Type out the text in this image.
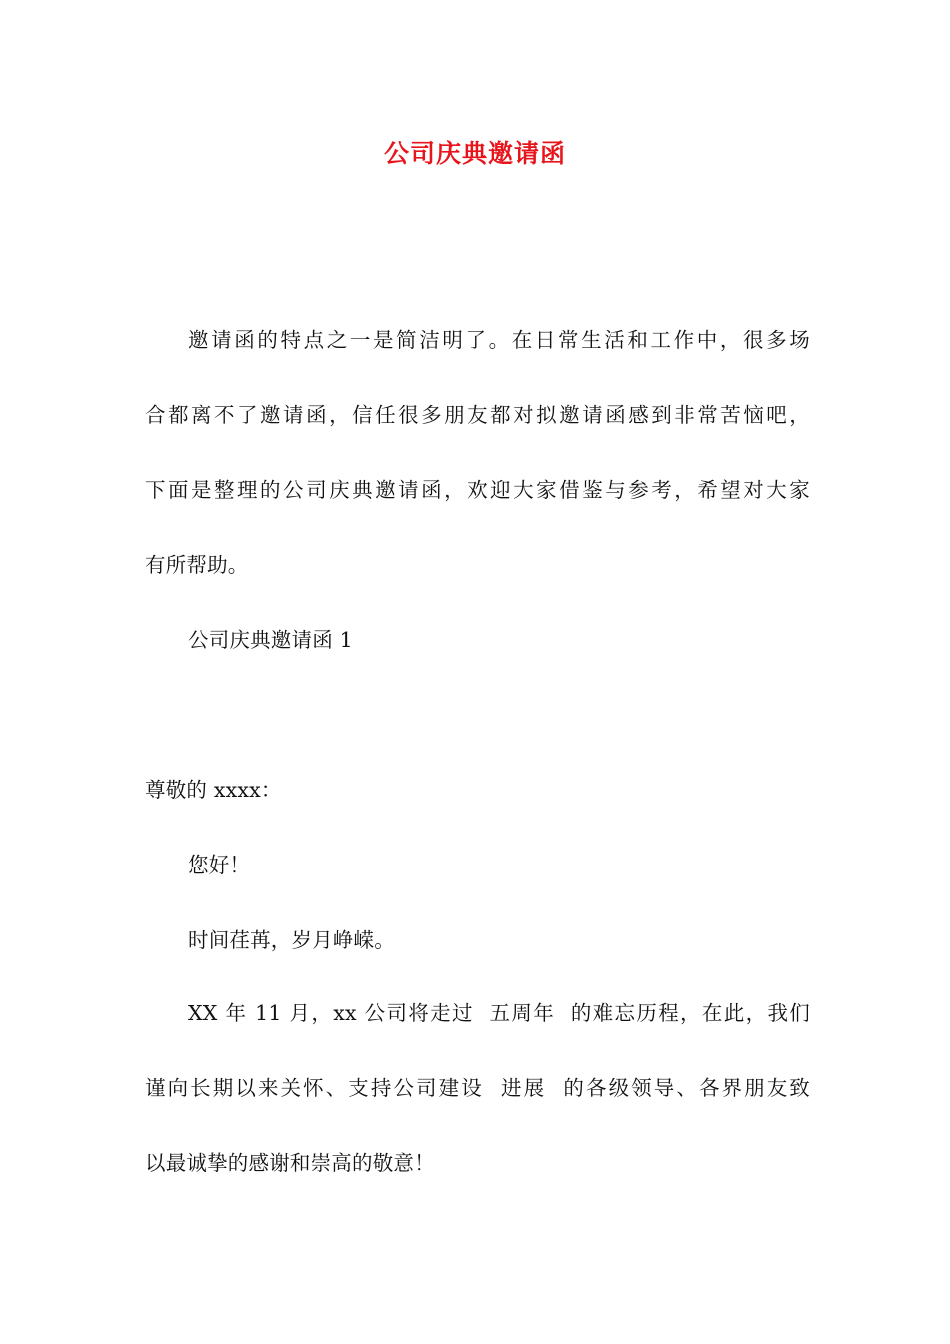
公司庆典邀请函
邀请函的特点之一是简洁明了。在日常生活和工作中，很多场
合都离不了邀请函，信任很多朋友都对拟邀请函感到非常苦恼吧，
下面是整理的公司庆典邀请函，欢迎大家借鉴与参考，希望对大家
有所帮助。
公司庆典邀请函 1
尊敬的 xxxx：
您好！
时间荏苒，岁月峥嵘。
XX 年 11 月，xx 公司将走过  五周年  的难忘历程，在此，我们
谨向长期以来关怀、支持公司建设  进展  的各级领导、各界朋友致
以最诚挚的感谢和崇高的敬意！
